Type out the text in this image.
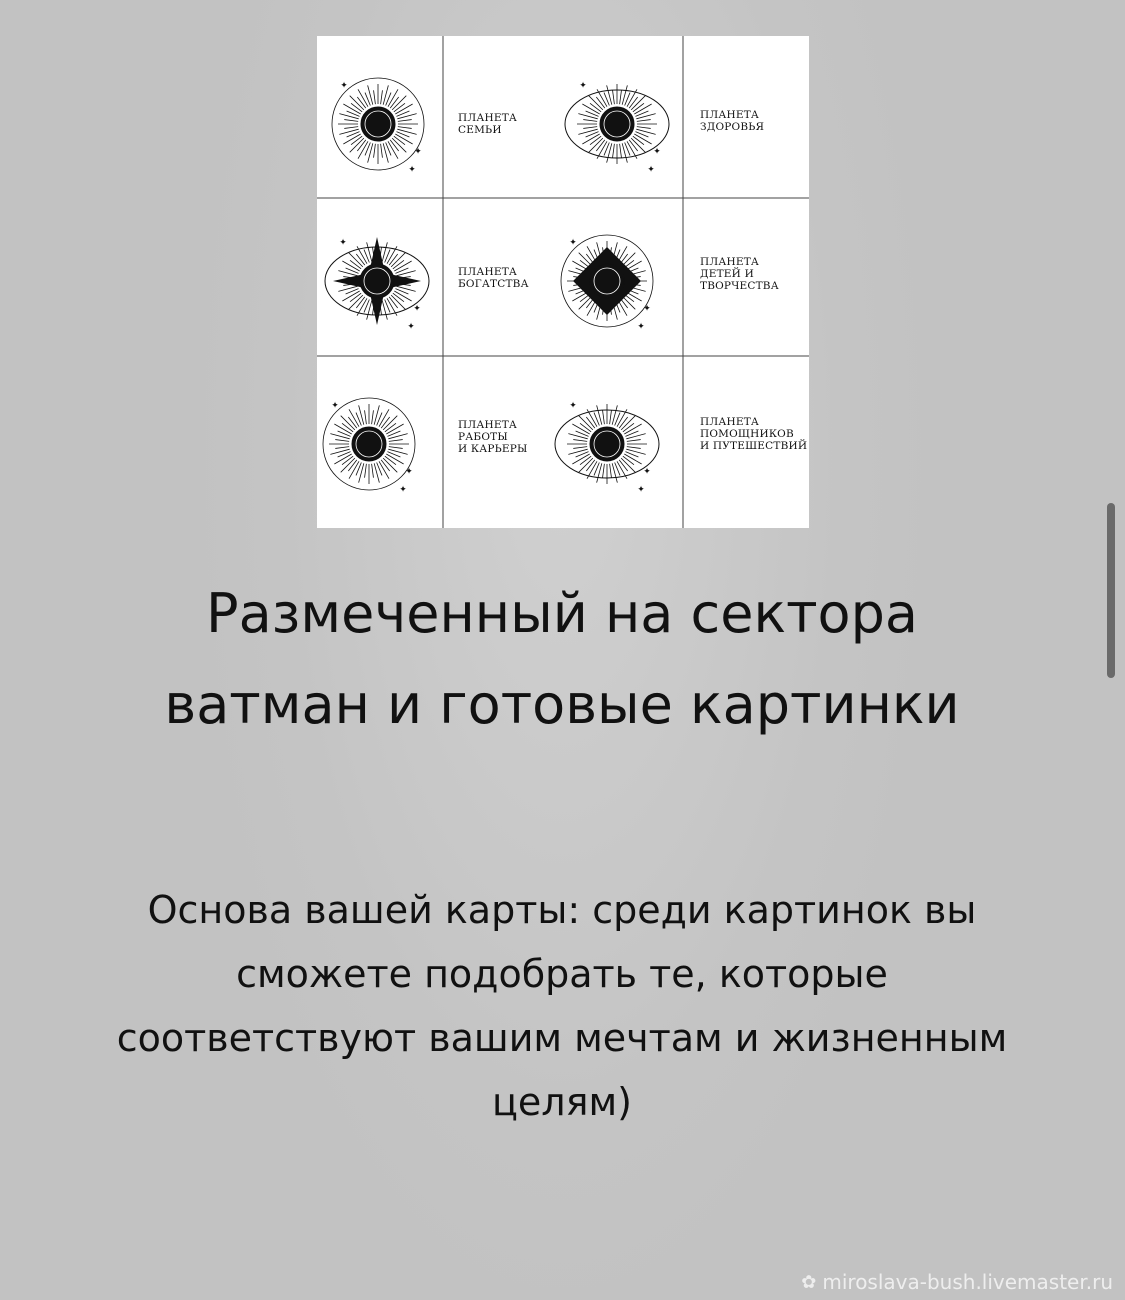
✦
✦
✦
✦
✦
✦
✦
✦
✦
✦
✦
✦
✦
✦
✦
✦
✦
✦
ПЛАНЕТА
СЕМЬИ
ПЛАНЕТА
ЗДОРОВЬЯ
ПЛАНЕТА
БОГАТСТВА
ПЛАНЕТА
ДЕТЕЙ И
ТВОРЧЕСТВА
ПЛАНЕТА
РАБОТЫ
И КАРЬЕРЫ
ПЛАНЕТА
ПОМОЩНИКОВ
И ПУТЕШЕСТВИЙ
Размеченный на сектора ватман и готовые картинки

Основа вашей карты: среди картинок вы сможете подобрать те, которые соответствуют вашим мечтам и жизненным целям)

✿ miroslava-bush.livemaster.ru
